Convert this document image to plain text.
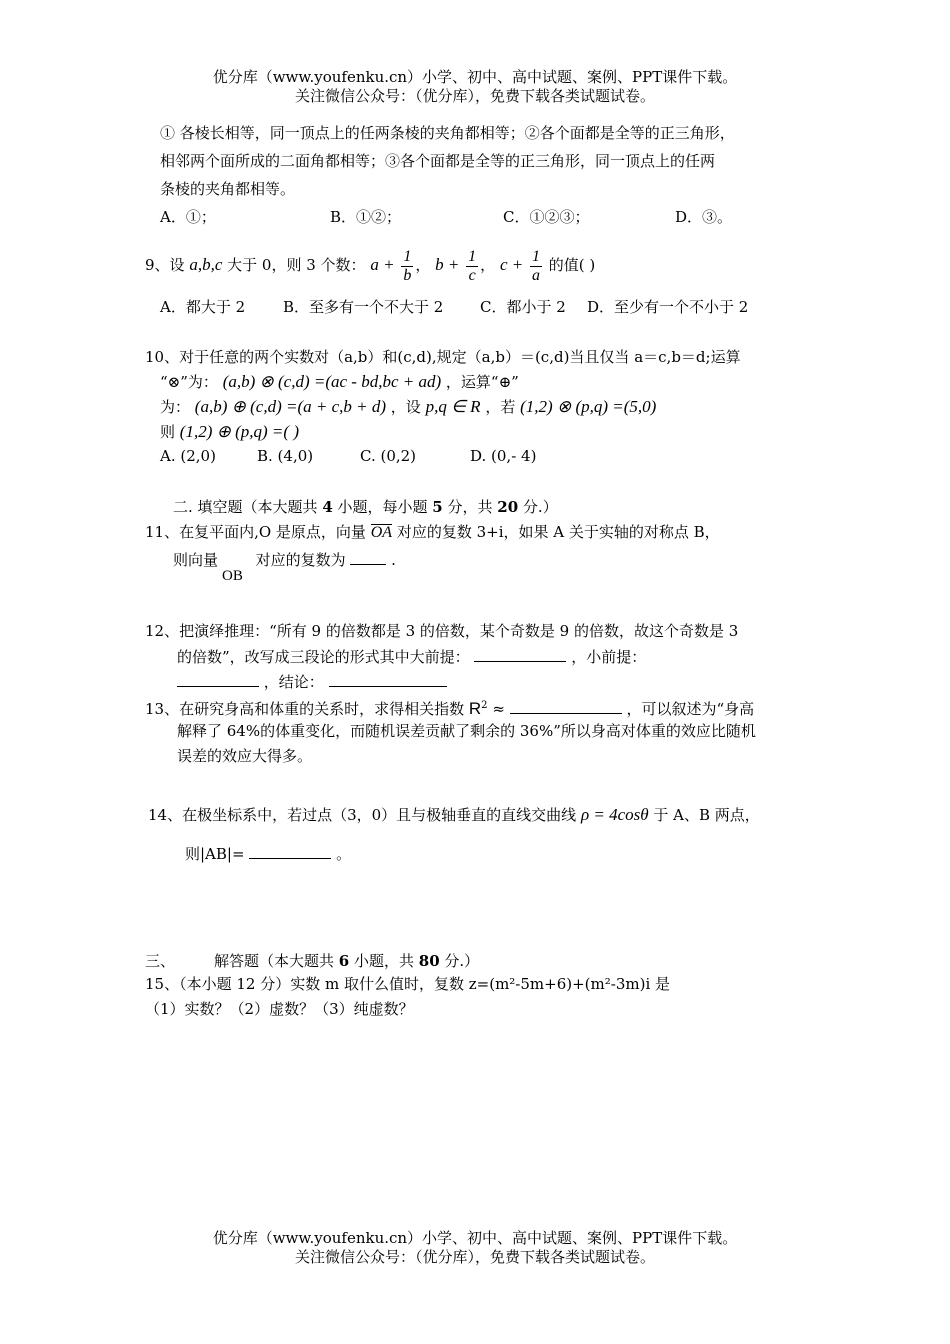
优分库（www.youfenku.cn）小学、初中、高中试题、案例、PPT课件下载。
关注微信公众号：（优分库），免费下载各类试题试卷。
① 各棱长相等，同一顶点上的任两条棱的夹角都相等；②各个面都是全等的正三角形，
相邻两个面所成的二面角都相等；③各个面都是全等的正三角形，同一顶点上的任两
条棱的夹角都相等。
A．①；	B．①②；	C．①②③；	D．③。
9、设 a,b,c 大于 0，则 3 个数： $a + \frac{1}{b}$ ， $b + \frac{1}{c}$ ， $c + \frac{1}{a}$ 的值( )
A．都大于 2	B．至多有一个不大于 2 C．都小于 2 D．至少有一个不小于 2
10、对于任意的两个实数对（a,b）和(c,d),规定（a,b）＝(c,d)当且仅当 a＝c,b＝d;运算
“⊗”为： (a,b) ⊗ (c,d) =(ac - bd,bc + ad) ，运算“⊕”
为： (a,b) ⊕ (c,d) =(a + c,b + d) ，设 p,q ∈ R ，若 (1,2) ⊗ (p,q) =(5,0)
则 (1,2) ⊕ (p,q) =( )
A. (2,0)	B. (4,0)	C. (0,2)	D. (0,- 4)
二. 填空题（本大题共 4 小题，每小题 5 分，共 20 分.）
11、在复平面内,O 是原点，向量 OA 对应的复数 3+i，如果 A 关于实轴的对称点 B，
则向量	对应的复数为	.
OB
12、把演绎推理：“所有 9 的倍数都是 3 的倍数，某个奇数是 9 的倍数，故这个奇数是 3
的倍数”，改写成三段论的形式其中大前提：	，小前提：
，结论：
13、在研究身高和体重的关系时，求得相关指数 $R^2$ ≈	，可以叙述为“身高
解释了 64%的体重变化，而随机误差贡献了剩余的 36%”所以身高对体重的效应比随机
误差的效应大得多。
14、在极坐标系中，若过点（3，0）且与极轴垂直的直线交曲线 ρ = 4cosθ 于 A、B 两点，
则|AB|=	。
三、	解答题（本大题共 6 小题，共 80 分.）
15、（本小题 12 分）实数 m 取什么值时，复数 z=(m²-5m+6)+(m²-3m)i 是
（1）实数？（2）虚数？（3）纯虚数？
优分库（www.youfenku.cn）小学、初中、高中试题、案例、PPT课件下载。
关注微信公众号：（优分库），免费下载各类试题试卷。
